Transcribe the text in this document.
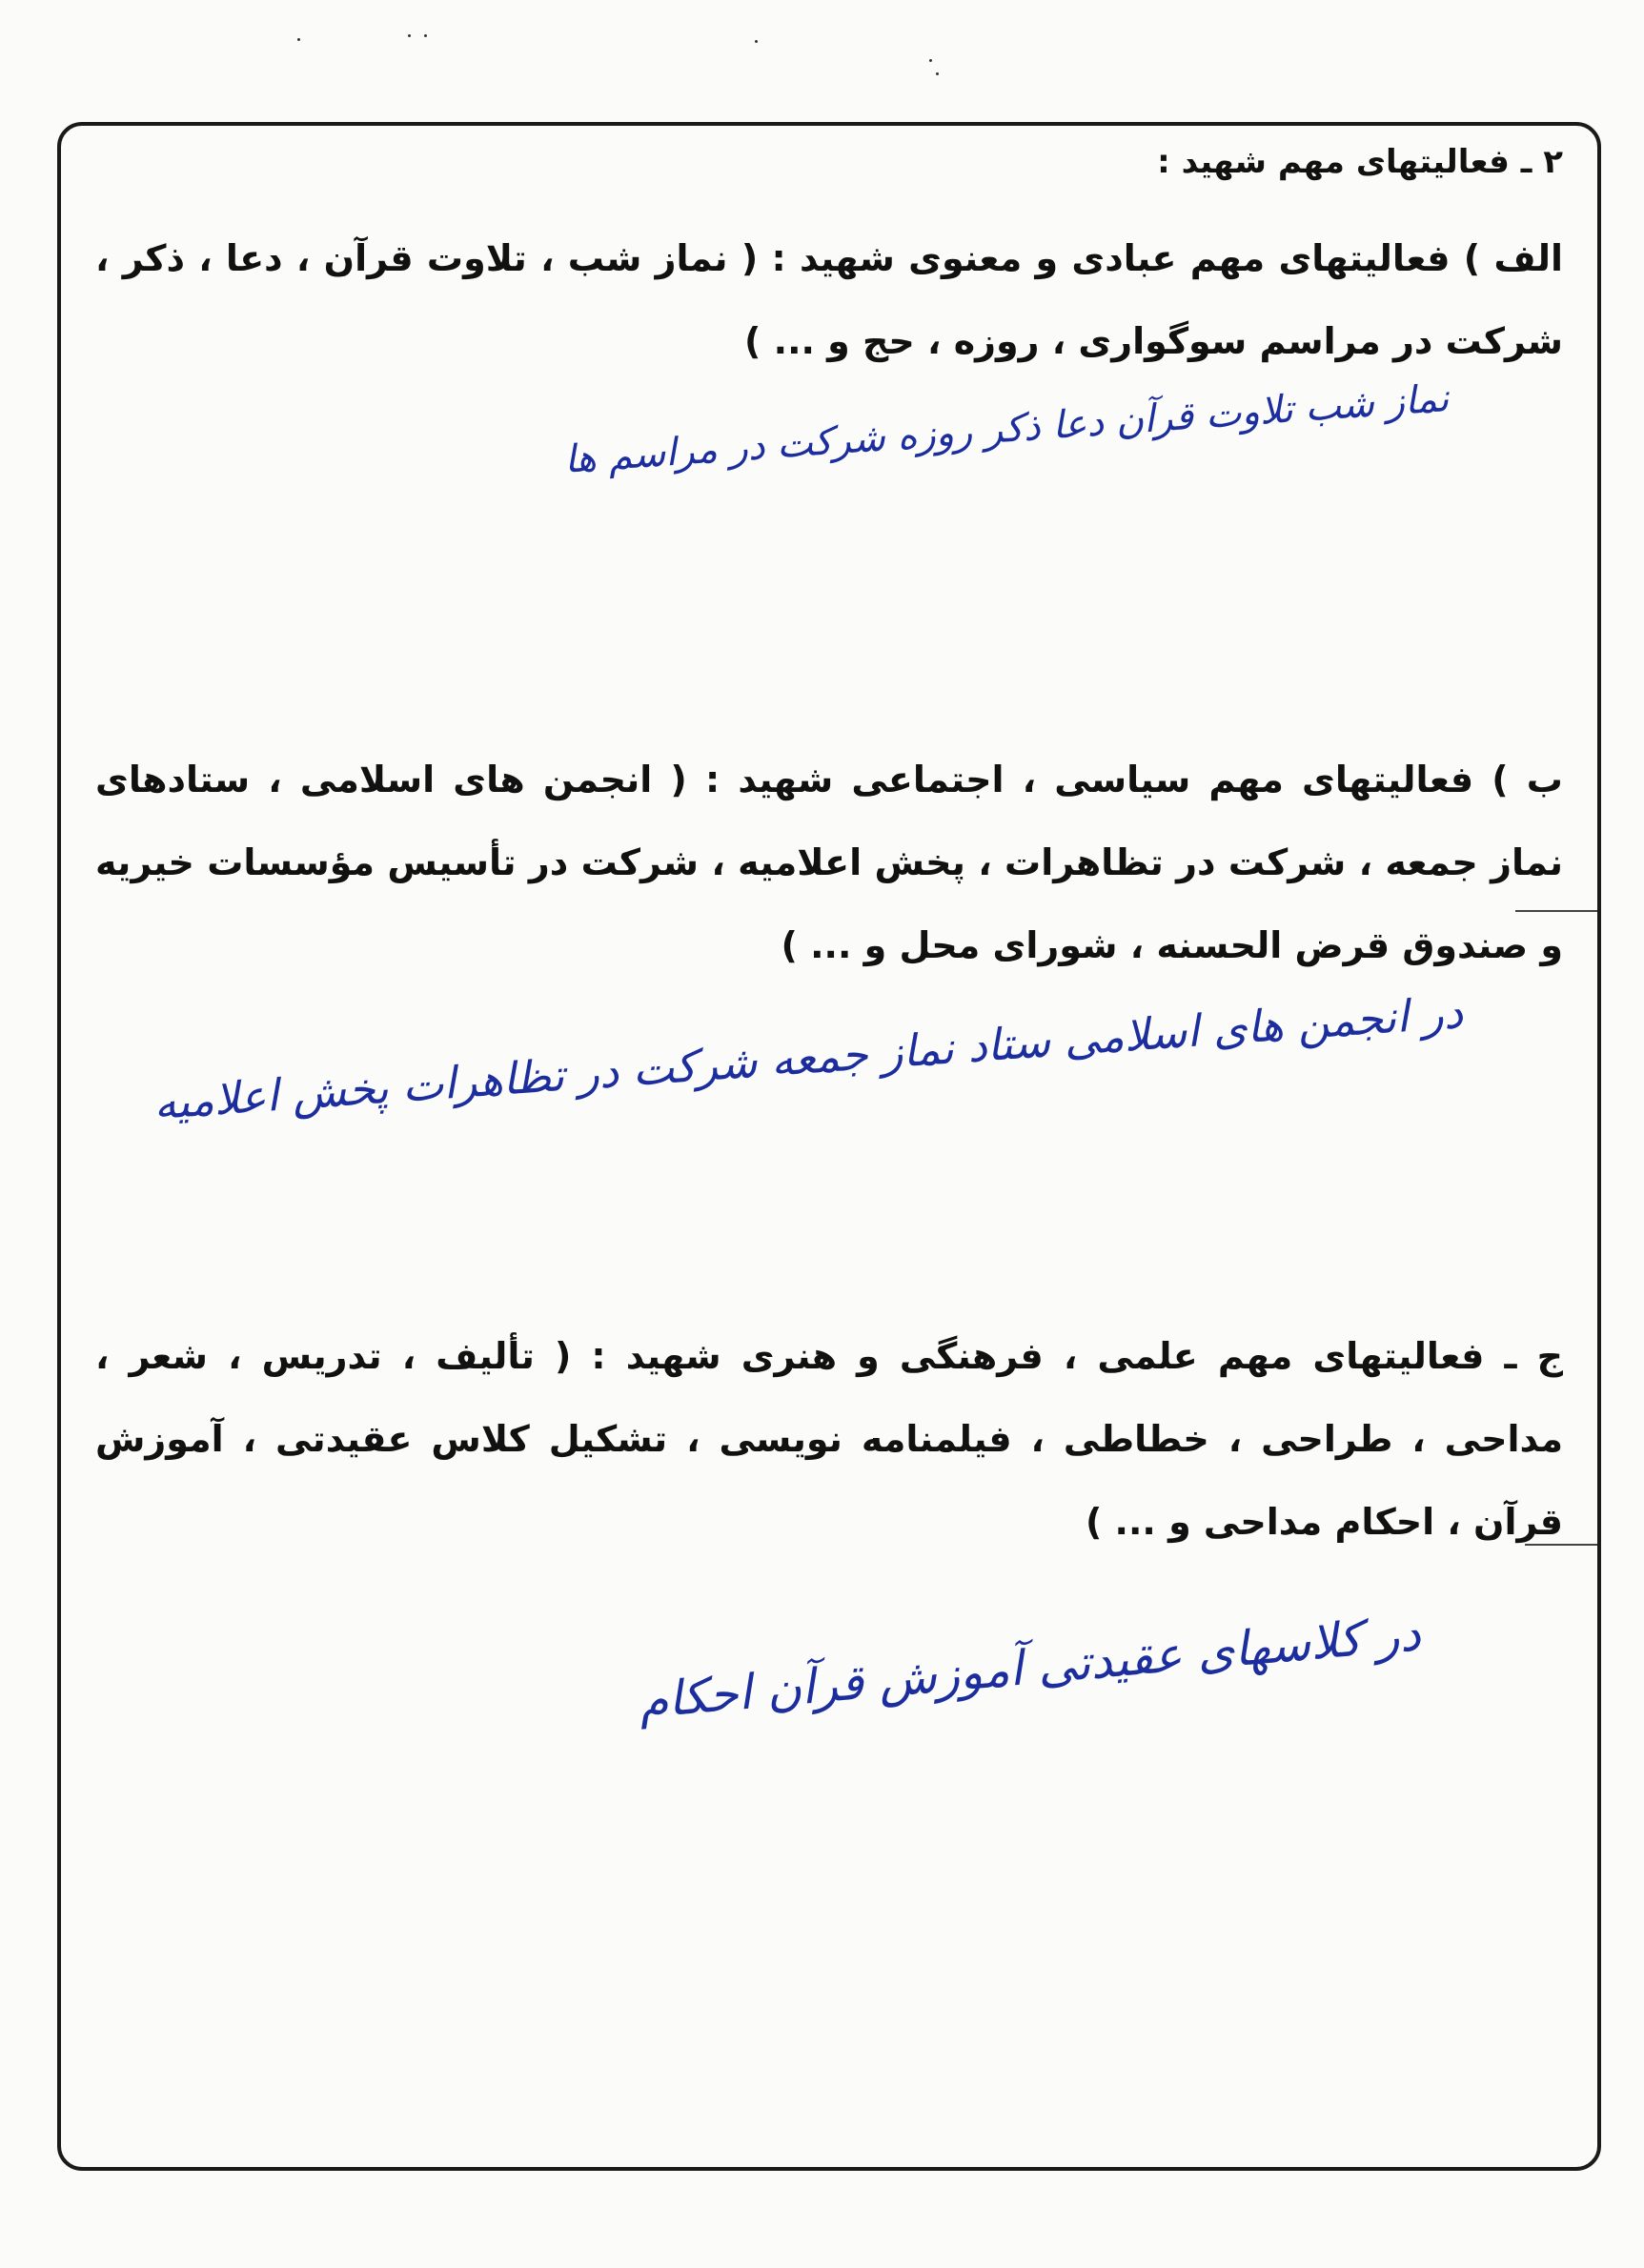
۲ ـ فعالیتهای مهم شهید :

الف ) فعالیتهای مهم عبادی و معنوی شهید : ( نماز شب ، تلاوت قرآن ، دعا ، ذکر ، شرکت در مراسم سوگواری ، روزه ، حج و ... )

نماز شب تلاوت قرآن دعا ذکر روزه شرکت در مراسم ها

ب ) فعالیتهای مهم سیاسی ، اجتماعی شهید : ( انجمن های اسلامی ، ستادهای نماز جمعه ، شرکت در تظاهرات ، پخش اعلامیه ، شرکت در تأسیس مؤسسات خیریه و صندوق قرض الحسنه ، شورای محل و ... )

در انجمن های اسلامی ستاد نماز جمعه شرکت در تظاهرات پخش اعلامیه

ج ـ فعالیتهای مهم علمی ، فرهنگی و هنری شهید : ( تألیف ، تدریس ، شعر ، مداحی ، طراحی ، خطاطی ، فیلمنامه نویسی ، تشکیل کلاس عقیدتی ، آموزش قرآن ، احکام مداحی و ... )

در کلاسهای عقیدتی آموزش قرآن احکام
